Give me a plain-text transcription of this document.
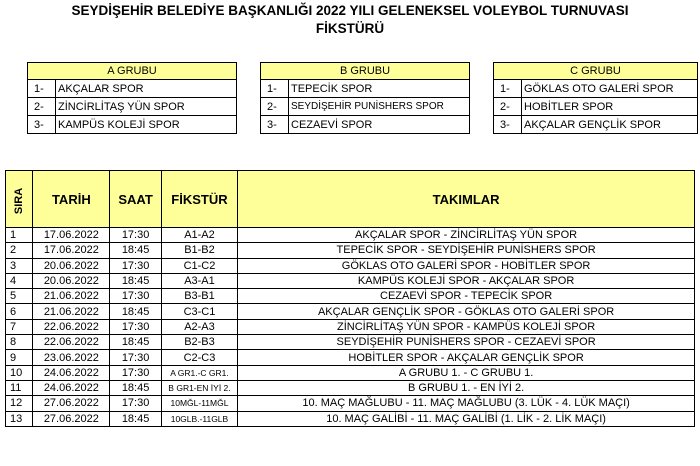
SEYDİŞEHİR BELEDİYE BAŞKANLIĞI 2022 YILI GELENEKSEL VOLEYBOL TURNUVASI
FİKSTÜRÜ
A GRUBU	
1-	AKÇALAR SPOR
2-	ZİNCİRLİTAŞ YÜN SPOR
3-	KAMPÜS KOLEJİ SPOR
B GRUBU	
1-	TEPECİK SPOR
2-	SEYDİŞEHİR PUNİSHERS SPOR
3-	CEZAEVİ SPOR
C GRUBU	
1-	GÖKLAS OTO GALERİ SPOR
2-	HOBİTLER SPOR
3-	AKÇALAR GENÇLİK SPOR
SIRA	TARİH	SAAT	FİKSTÜR	TAKIMLAR
1	17.06.2022	17:30	A1-A2	AKÇALAR SPOR - ZİNCİRLİTAŞ YÜN SPOR
2	17.06.2022	18:45	B1-B2	TEPECİK SPOR - SEYDİŞEHİR PUNİSHERS SPOR
3	20.06.2022	17:30	C1-C2	GÖKLAS OTO GALERİ SPOR - HOBİTLER SPOR
4	20.06.2022	18:45	A3-A1	KAMPÜS KOLEJİ SPOR - AKÇALAR SPOR
5	21.06.2022	17:30	B3-B1	CEZAEVİ SPOR - TEPECİK SPOR
6	21.06.2022	18:45	C3-C1	AKÇALAR GENÇLİK SPOR - GÖKLAS OTO GALERİ SPOR
7	22.06.2022	17:30	A2-A3	ZİNCİRLİTAŞ YÜN SPOR - KAMPÜS KOLEJİ SPOR
8	22.06.2022	18:45	B2-B3	SEYDİŞEHİR PUNİSHERS SPOR - CEZAEVİ SPOR
9	23.06.2022	17:30	C2-C3	HOBİTLER SPOR - AKÇALAR GENÇLİK SPOR
10	24.06.2022	17:30	A GR1.-C GR1.	A GRUBU 1. - C GRUBU 1.
11	24.06.2022	18:45	B GR1-EN İYİ 2.	B GRUBU 1. - EN İYİ 2.
12	27.06.2022	17:30	10MĞL-11MĞL	10. MAÇ MAĞLUBU - 11. MAÇ MAĞLUBU (3. LÜK - 4. LÜK MAÇI)
13	27.06.2022	18:45	10GLB.-11GLB	10. MAÇ GALİBİ - 11. MAÇ GALİBİ (1. LİK - 2. LİK MAÇI)
